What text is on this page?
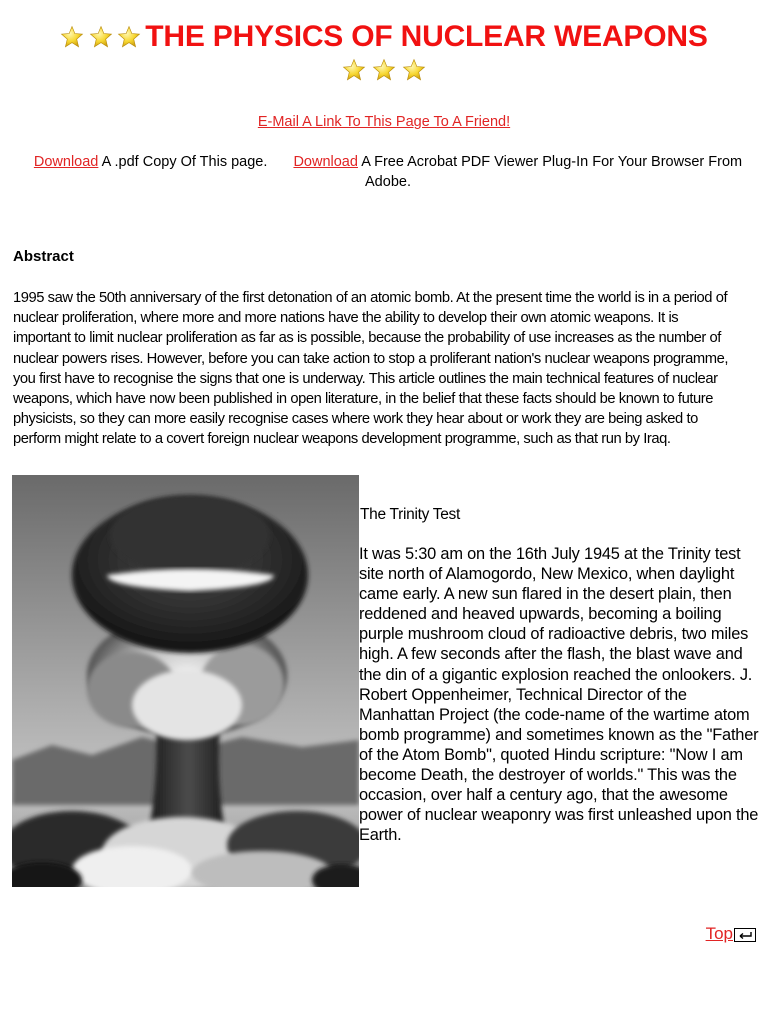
THE PHYSICS OF NUCLEAR WEAPONS

E-Mail A Link To This Page To A Friend!
Download A .pdf Copy Of This page. Download A Free Acrobat PDF Viewer Plug-In For Your Browser From Adobe.
Abstract
1995 saw the 50th anniversary of the first detonation of an atomic bomb. At the present time the world is in a period of nuclear proliferation, where more and more nations have the ability to develop their own atomic weapons. It is important to limit nuclear proliferation as far as is possible, because the probability of use increases as the number of nuclear powers rises. However, before you can take action to stop a proliferant nation's nuclear weapons programme, you first have to recognise the signs that one is underway. This article outlines the main technical features of nuclear weapons, which have now been published in open literature, in the belief that these facts should be known to future physicists, so they can more easily recognise cases where work they hear about or work they are being asked to perform might relate to a covert foreign nuclear weapons development programme, such as that run by Iraq.
The Trinity Test
It was 5:30 am on the 16th July 1945 at the Trinity test site north of Alamogordo, New Mexico, when daylight came early. A new sun flared in the desert plain, then reddened and heaved upwards, becoming a boiling purple mushroom cloud of radioactive debris, two miles high. A few seconds after the flash, the blast wave and the din of a gigantic explosion reached the onlookers. J. Robert Oppenheimer, Technical Director of the Manhattan Project (the code-name of the wartime atom bomb programme) and sometimes known as the "Father of the Atom Bomb", quoted Hindu scripture: "Now I am become Death, the destroyer of worlds." This was the occasion, over half a century ago, that the awesome power of nuclear weaponry was first unleashed upon the Earth.
Top
